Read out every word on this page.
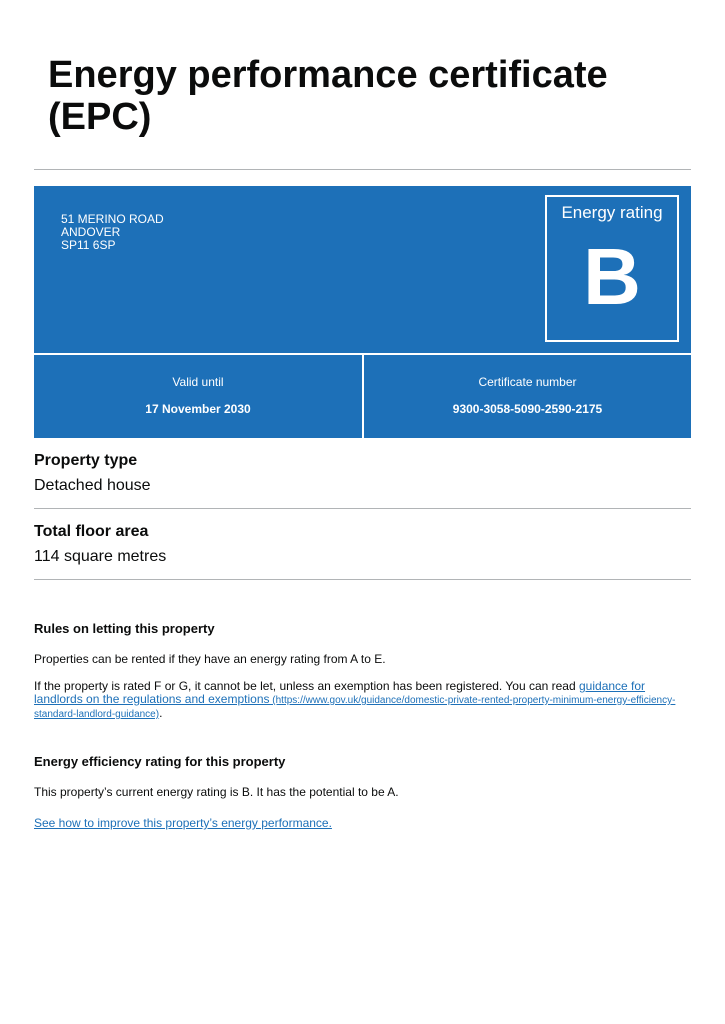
Energy performance certificate (EPC)
51 MERINO ROAD
ANDOVER
SP11 6SP
Energy rating
B
Valid until
17 November 2030
Certificate number
9300-3058-5090-2590-2175
Property type
Detached house
Total floor area
114 square metres
Rules on letting this property

Properties can be rented if they have an energy rating from A to E.

If the property is rated F or G, it cannot be let, unless an exemption has been registered. You can read guidance for landlords on the regulations and exemptions (https://www.gov.uk/guidance/domestic-private-rented-property-minimum-energy-efficiency-standard-landlord-guidance).

Energy efficiency rating for this property

This property’s current energy rating is B. It has the potential to be A.

See how to improve this property’s energy performance.
